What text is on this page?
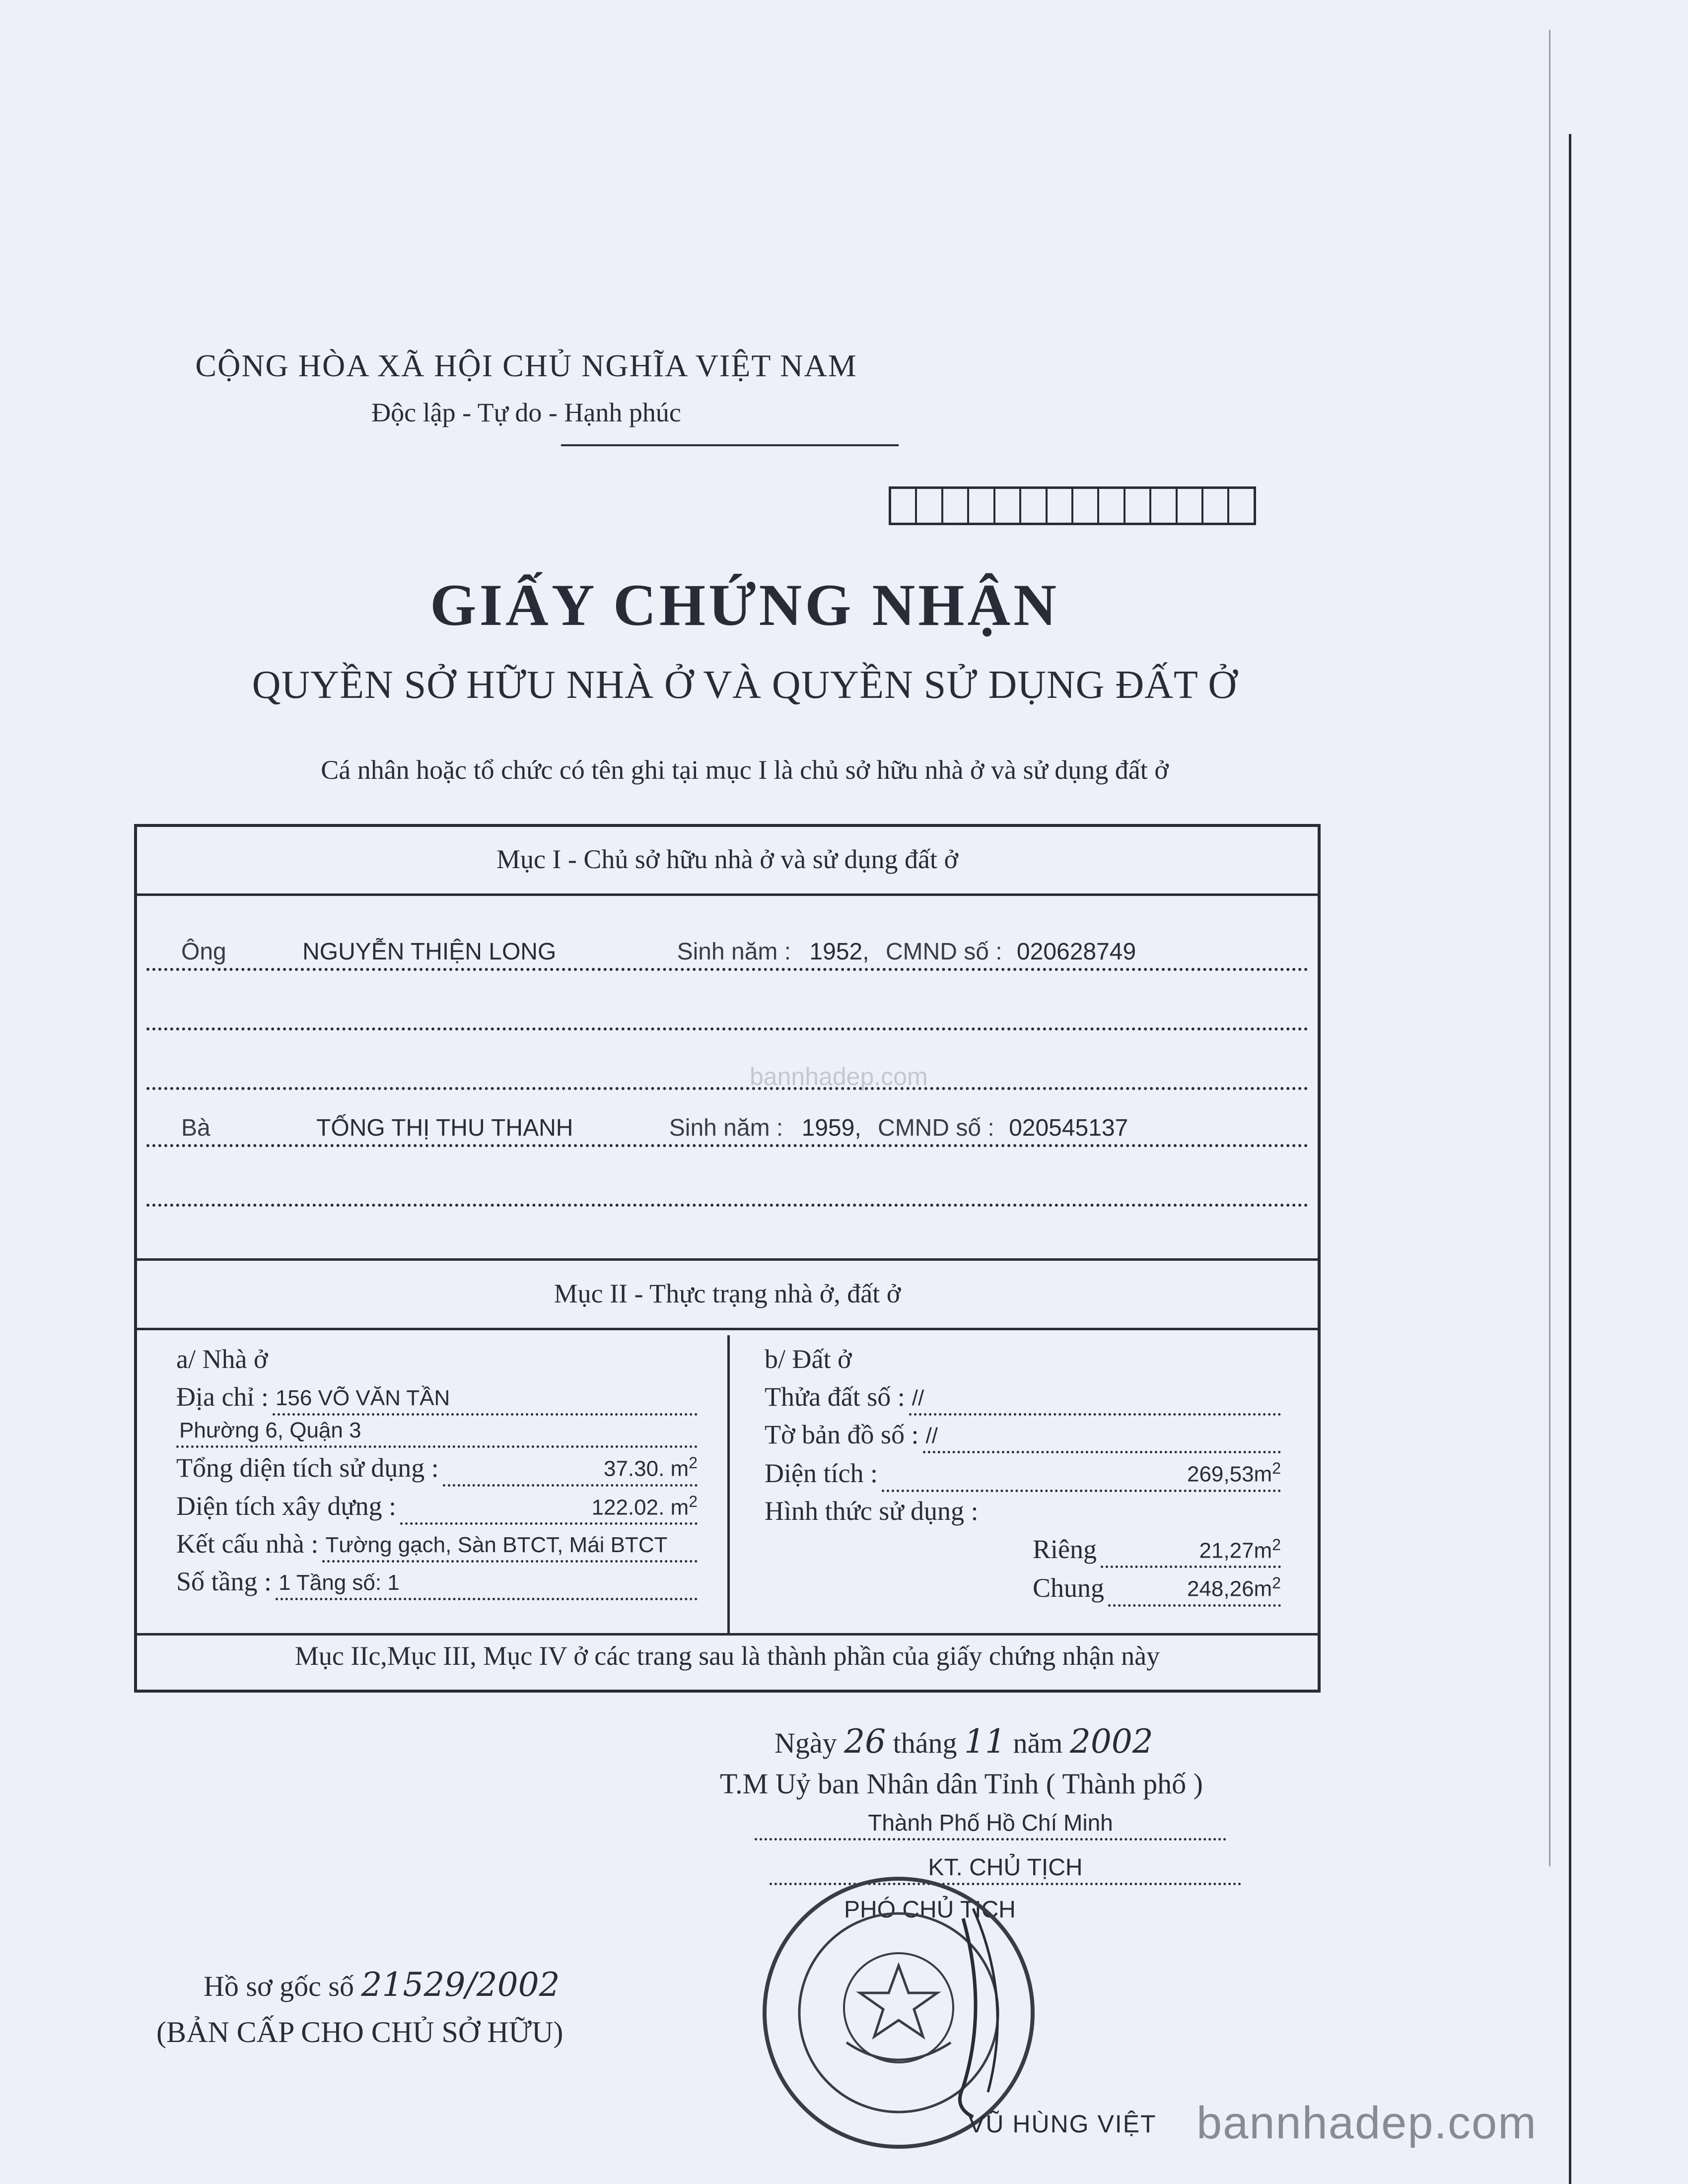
CỘNG HÒA XÃ HỘI CHỦ NGHĨA VIỆT NAM
Độc lập - Tự do - Hạnh phúc
GIẤY CHỨNG NHẬN
QUYỀN SỞ HỮU NHÀ Ở VÀ QUYỀN SỬ DỤNG ĐẤT Ở
Cá nhân hoặc tổ chức có tên ghi tại mục I là chủ sở hữu nhà ở và sử dụng đất ở
Mục I - Chủ sở hữu nhà ở và sử dụng đất ở
Ông	NGUYỄN THIỆN LONG	Sinh năm : 1952, CMND số : 020628749
bannhadep.com
Bà	TỐNG THỊ THU THANH	Sinh năm : 1959, CMND số : 020545137
Mục II - Thực trạng nhà ở, đất ở
a/ Nhà ở
Địa chỉ : 156 VÕ VĂN TẦN
Phường 6, Quận 3
Tổng diện tích sử dụng :	37.30. $m^2$
Diện tích xây dựng :	122.02. $m^2$
Kết cấu nhà : Tường gạch, Sàn BTCT, Mái BTCT
Số tầng : 1 Tầng số: 1
b/ Đất ở
Thửa đất số : //
Tờ bản đồ số : //
Diện tích :	$269,53m^2$
Hình thức sử dụng :
Riêng	$21,27m^2$
Chung	$248,26m^2$
Mục IIc,Mục III, Mục IV ở các trang sau là thành phần của giấy chứng nhận này
Ngày 26 tháng 11 năm 2002
T.M Uỷ ban Nhân dân Tỉnh ( Thành phố )
Thành Phố Hồ Chí Minh
KT. CHỦ TỊCH
PHÓ CHỦ TỊCH
Hồ sơ gốc số 21529/2002
(BẢN CẤP CHO CHỦ SỞ HỮU)
VŨ HÙNG VIỆT bannhadep.com
